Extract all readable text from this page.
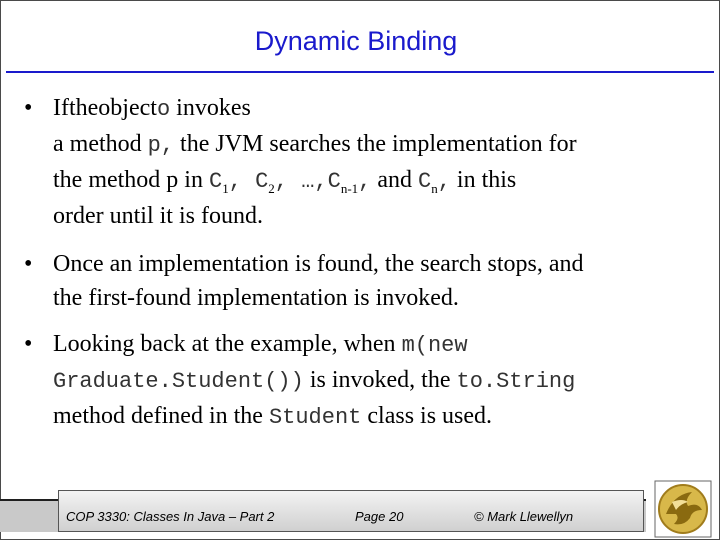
Dynamic Binding
• Iftheobjecto invokes
a method p, the JVM searches the implementation for
the method p in $C_1$, $C_2$, $\dots,C_{n-1}$, and $C_n$, in this
order until it is found.
• Once an implementation is found, the search stops, and
the first-found implementation is invoked.
• Looking back at the example, when m(new
Graduate.Student()) is invoked, the to.String
method defined in the Student class is used.
COP 3330: Classes In Java – Part 2	Page 20	© Mark Llewellyn
